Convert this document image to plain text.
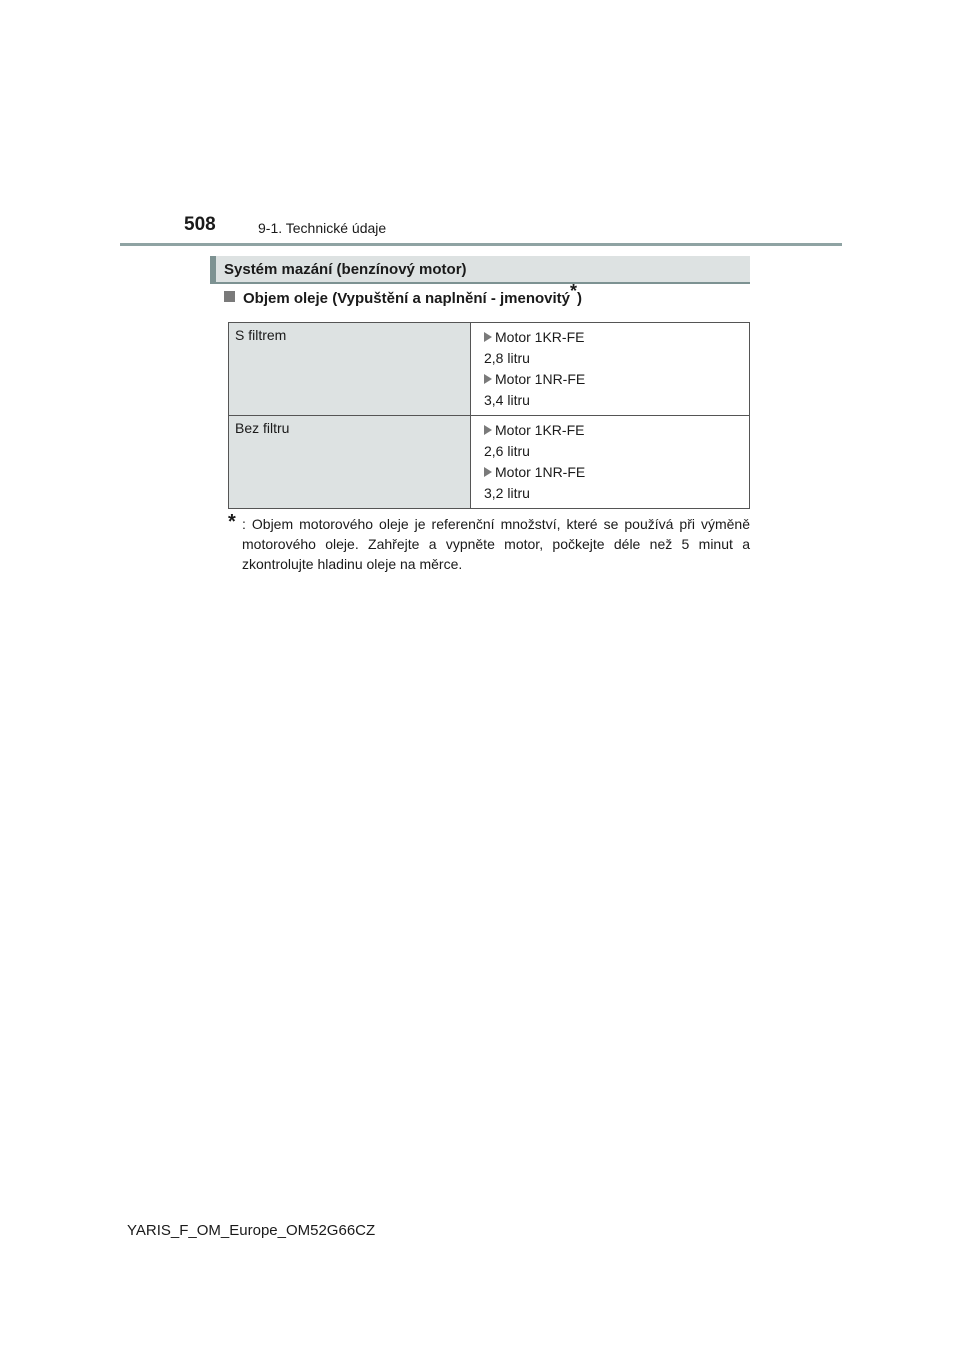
508	9-1. Technické údaje
Systém mazání (benzínový motor)
Objem oleje (Vypuštění a naplnění - jmenovitý*)
S filtrem	Motor 1KR-FE
2,8 litru
Motor 1NR-FE
3,4 litru

Bez filtru	Motor 1KR-FE
2,6 litru
Motor 1NR-FE
3,2 litru
* : Objem motorového oleje je referenční množství, které se používá při výměně motorového oleje. Zahřejte a vypněte motor, počkejte déle než 5 minut a zkontrolujte hladinu oleje na měrce.
YARIS_F_OM_Europe_OM52G66CZ
